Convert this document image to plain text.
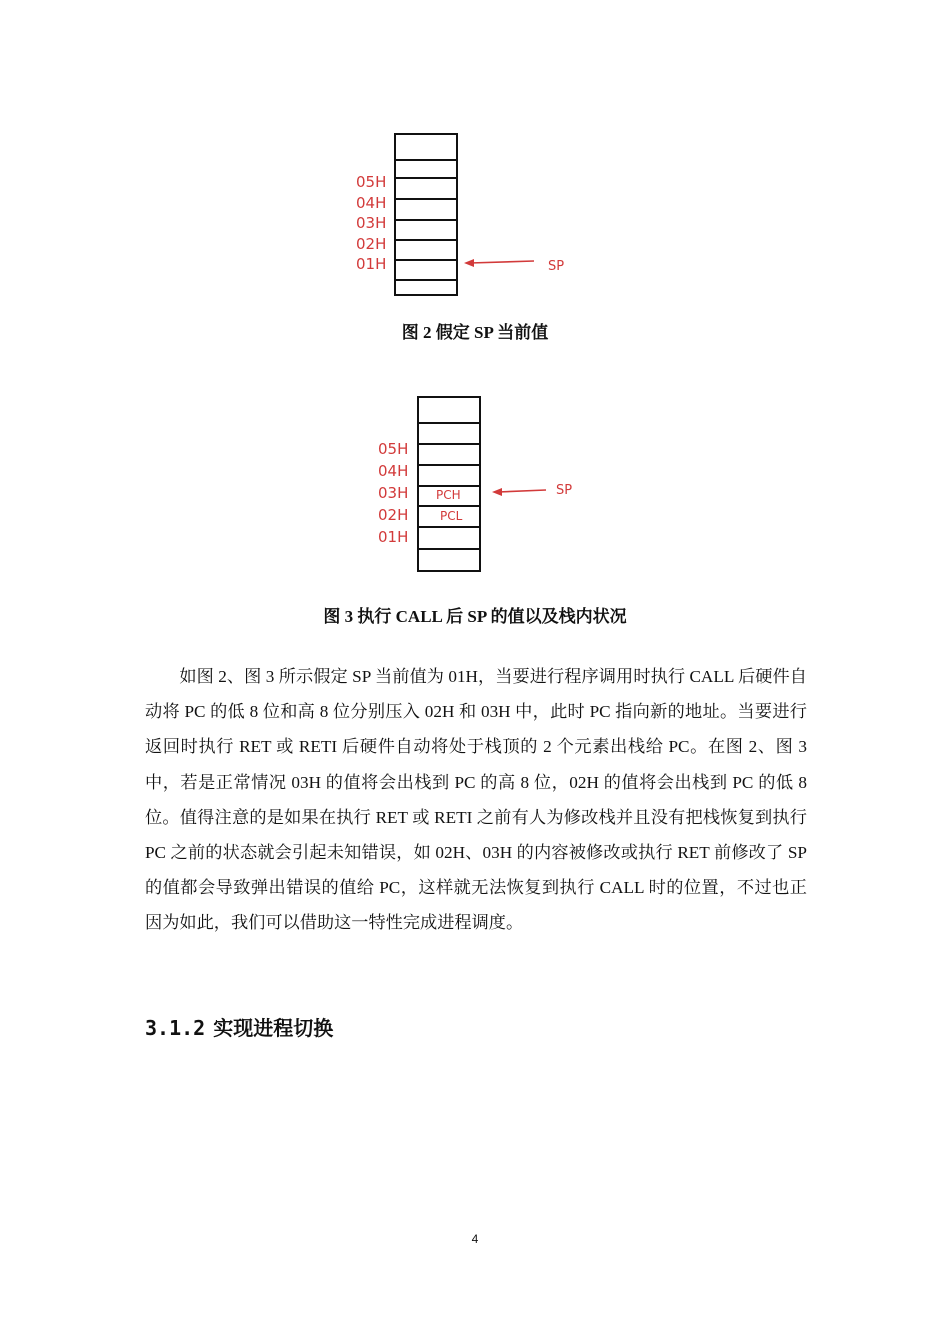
05H
04H
03H
02H
01H	SP
图 2 假定 SP 当前值
PCH
PCL
05H
04H
03H
02H
01H
SP
图 3 执行 CALL 后 SP 的值以及栈内状况

如图 2、图 3 所示假定 SP 当前值为 01H，当要进行程序调用时执行 CALL 后硬件自动将 PC 的低 8 位和高 8 位分别压入 02H 和 03H 中，此时 PC 指向新的地址。当要进行返回时执行 RET 或 RETI 后硬件自动将处于栈顶的 2 个元素出栈给 PC。在图 2、图 3 中，若是正常情况 03H 的值将会出栈到 PC 的高 8 位，02H 的值将会出栈到 PC 的低 8 位。值得注意的是如果在执行 RET 或 RETI 之前有人为修改栈并且没有把栈恢复到执行 PC 之前的状态就会引起未知错误，如 02H、03H 的内容被修改或执行 RET 前修改了 SP 的值都会导致弹出错误的值给 PC，这样就无法恢复到执行 CALL 时的位置，不过也正因为如此，我们可以借助这一特性完成进程调度。

3.1.2 实现进程切换
4
